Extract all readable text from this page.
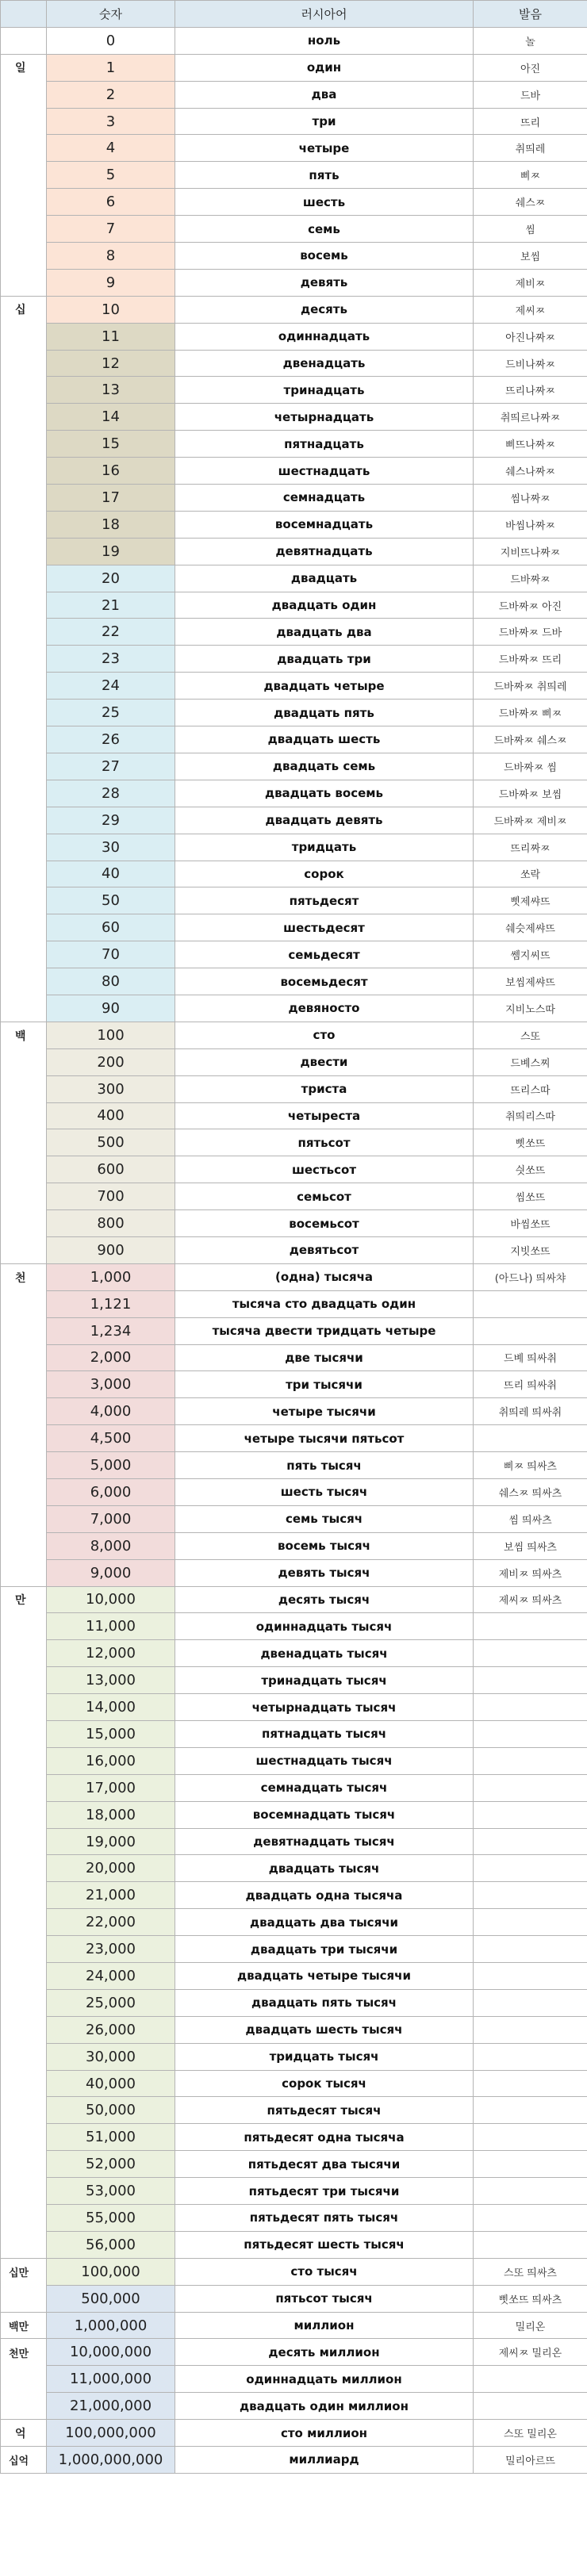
	숫자	러시아어	발음
	0	ноль	놀
일	1	один	아진
	2	два	드바
	3	три	뜨리
	4	четыре	취띄레
	5	пять	삐ㅉ
	6	шесть	쉐스ㅉ
	7	семь	씸
	8	восемь	보씸
	9	девять	제비ㅉ
십	10	десять	제씨ㅉ
	11	одиннадцать	아진나짜ㅉ
	12	двенадцать	드비나짜ㅉ
	13	тринадцать	뜨리나짜ㅉ
	14	четырнадцать	취띄르나짜ㅉ
	15	пятнадцать	삐뜨나짜ㅉ
	16	шестнадцать	쉐스나짜ㅉ
	17	семнадцать	씸나짜ㅉ
	18	восемнадцать	바씸나짜ㅉ
	19	девятнадцать	지비뜨나짜ㅉ
	20	двадцать	드바짜ㅉ
	21	двадцать один	드바짜ㅉ 아진
	22	двадцать два	드바짜ㅉ 드바
	23	двадцать три	드바짜ㅉ 뜨리
	24	двадцать четыре	드바짜ㅉ 취띄레
	25	двадцать пять	드바짜ㅉ 삐ㅉ
	26	двадцать шесть	드바짜ㅉ 쉐스ㅉ
	27	двадцать семь	드바짜ㅉ 씸
	28	двадцать восемь	드바짜ㅉ 보씸
	29	двадцать девять	드바짜ㅉ 제비ㅉ
	30	тридцать	뜨리짜ㅉ
	40	сорок	쏘락
	50	пятьдесят	삣제쌰뜨
	60	шестьдесят	쉐슷제쌰뜨
	70	семьдесят	쎔지씨뜨
	80	восемьдесят	보씸제쌰뜨
	90	девяносто	지비노스따
백	100	сто	스또
	200	двести	드볘스찌
	300	триста	뜨리스따
	400	четыреста	취띄리스따
	500	пятьсот	삣쏘뜨
	600	шестьсот	싓쏘뜨
	700	семьсот	씸쏘뜨
	800	восемьсот	바씸쏘뜨
	900	девятьсот	지빗쏘뜨
천	1,000	(одна) тысяча	(아드나) 띄싸챠
	1,121	тысяча сто двадцать один	
	1,234	тысяча двести тридцать четыре	
	2,000	две тысячи	드볘 띄싸취
	3,000	три тысячи	뜨리 띄싸취
	4,000	четыре тысячи	취띄레 띄싸취
	4,500	четыре тысячи пятьсот	
	5,000	пять тысяч	삐ㅉ 띄싸츠
	6,000	шесть тысяч	쉐스ㅉ 띄싸츠
	7,000	семь тысяч	씸 띄싸츠
	8,000	восемь тысяч	보씸 띄싸츠
	9,000	девять тысяч	제비ㅉ 띄싸츠
만	10,000	десять тысяч	제씨ㅉ 띄싸츠
	11,000	одиннадцать тысяч	
	12,000	двенадцать тысяч	
	13,000	тринадцать тысяч	
	14,000	четырнадцать тысяч	
	15,000	пятнадцать тысяч	
	16,000	шестнадцать тысяч	
	17,000	семнадцать тысяч	
	18,000	восемнадцать тысяч	
	19,000	девятнадцать тысяч	
	20,000	двадцать тысяч	
	21,000	двадцать одна тысяча	
	22,000	двадцать два тысячи	
	23,000	двадцать три тысячи	
	24,000	двадцать четыре тысячи	
	25,000	двадцать пять тысяч	
	26,000	двадцать шесть тысяч	
	30,000	тридцать тысяч	
	40,000	сорок тысяч	
	50,000	пятьдесят тысяч	
	51,000	пятьдесят одна тысяча	
	52,000	пятьдесят два тысячи	
	53,000	пятьдесят три тысячи	
	55,000	пятьдесят пять тысяч	
	56,000	пятьдесят шесть тысяч	
십만	100,000	сто тысяч	스또 띄싸츠
	500,000	пятьсот тысяч	삣쏘뜨 띄싸츠
백만	1,000,000	миллион	밀리온
천만	10,000,000	десять миллион	제씨ㅉ 밀리온
	11,000,000	одиннадцать миллион	
	21,000,000	двадцать один миллион	
억	100,000,000	сто миллион	스또 밀리온
십억	1,000,000,000	миллиард	밀리아르뜨
